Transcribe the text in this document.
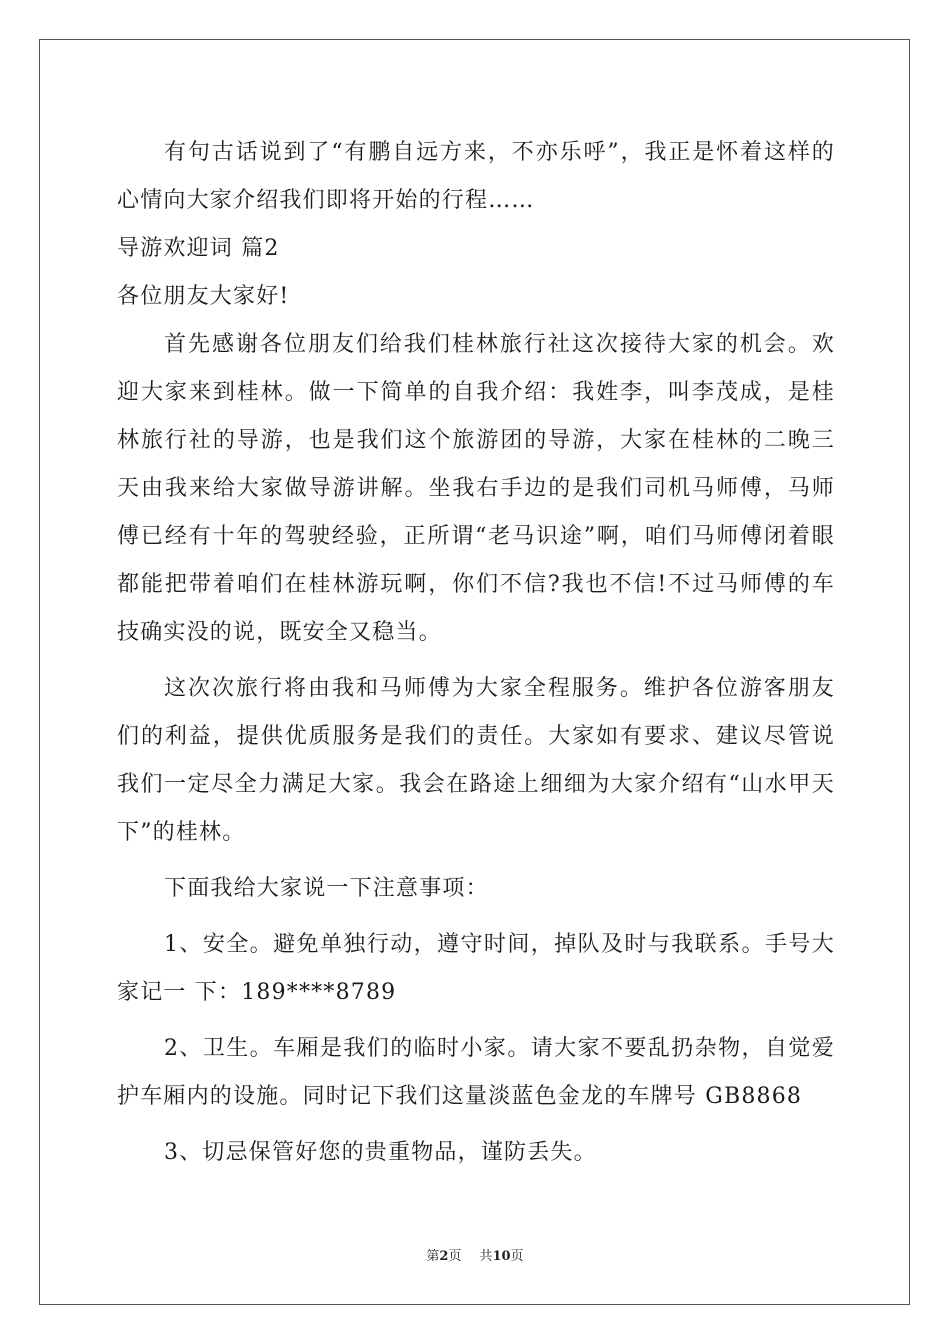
有句古话说到了“有鹏自远方来，不亦乐呼”，我正是怀着这样的心情向大家介绍我们即将开始的行程……

导游欢迎词 篇2

各位朋友大家好!

首先感谢各位朋友们给我们桂林旅行社这次接待大家的机会。欢迎大家来到桂林。做一下简单的自我介绍：我姓李，叫李茂成，是桂林旅行社的导游，也是我们这个旅游团的导游，大家在桂林的二晚三天由我来给大家做导游讲解。坐我右手边的是我们司机马师傅，马师傅已经有十年的驾驶经验，正所谓“老马识途”啊，咱们马师傅闭着眼都能把带着咱们在桂林游玩啊，你们不信?我也不信!不过马师傅的车技确实没的说，既安全又稳当。

这次次旅行将由我和马师傅为大家全程服务。维护各位游客朋友们的利益，提供优质服务是我们的责任。大家如有要求、建议尽管说我们一定尽全力满足大家。我会在路途上细细为大家介绍有“山水甲天下”的桂林。

下面我给大家说一下注意事项：

1、安全。避免单独行动，遵守时间，掉队及时与我联系。手号大家记一 下：189****8789

2、卫生。车厢是我们的临时小家。请大家不要乱扔杂物，自觉爱护车厢内的设施。同时记下我们这量淡蓝色金龙的车牌号 GB8868

3、切忌保管好您的贵重物品，谨防丢失。

第2页 共10页
